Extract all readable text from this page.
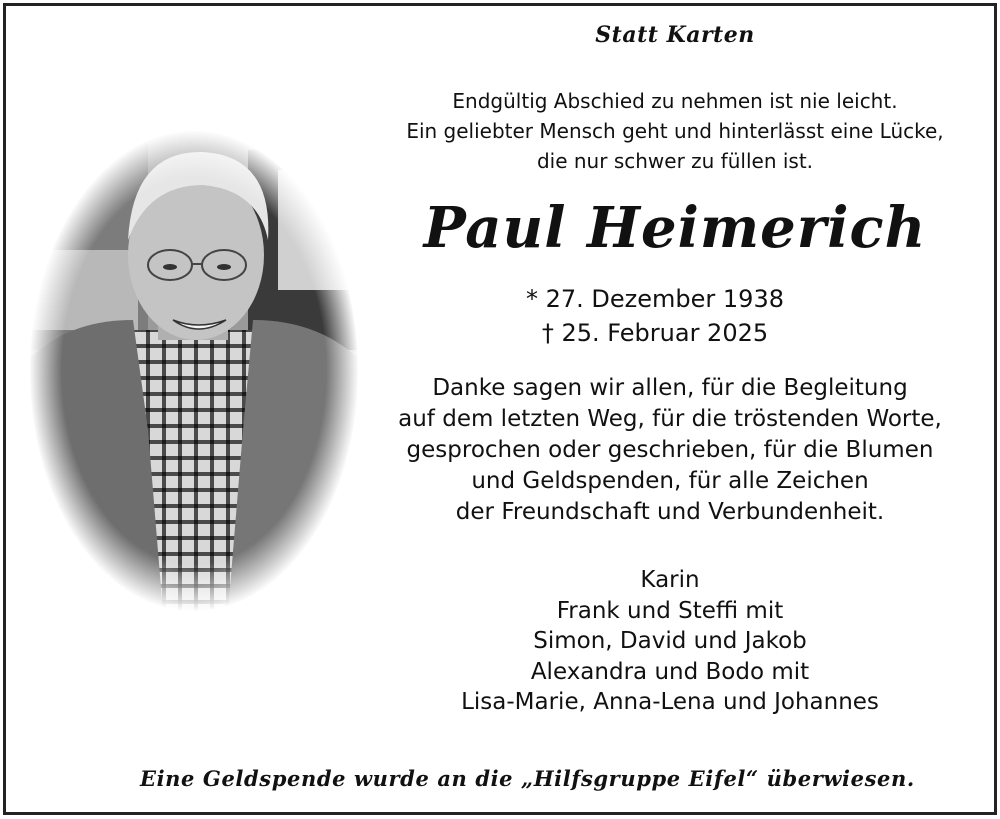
Statt Karten
Endgültig Abschied zu nehmen ist nie leicht.
Ein geliebter Mensch geht und hinterlässt eine Lücke,
die nur schwer zu füllen ist.
Paul Heimerich
* 27. Dezember 1938
† 25. Februar 2025
Danke sagen wir allen, für die Begleitung
auf dem letzten Weg, für die tröstenden Worte,
gesprochen oder geschrieben, für die Blumen
und Geldspenden, für alle Zeichen
der Freundschaft und Verbundenheit.
Karin
Frank und Steffi mit
Simon, David und Jakob
Alexandra und Bodo mit
Lisa-Marie, Anna-Lena und Johannes
Eine Geldspende wurde an die „Hilfsgruppe Eifel“ überwiesen.
